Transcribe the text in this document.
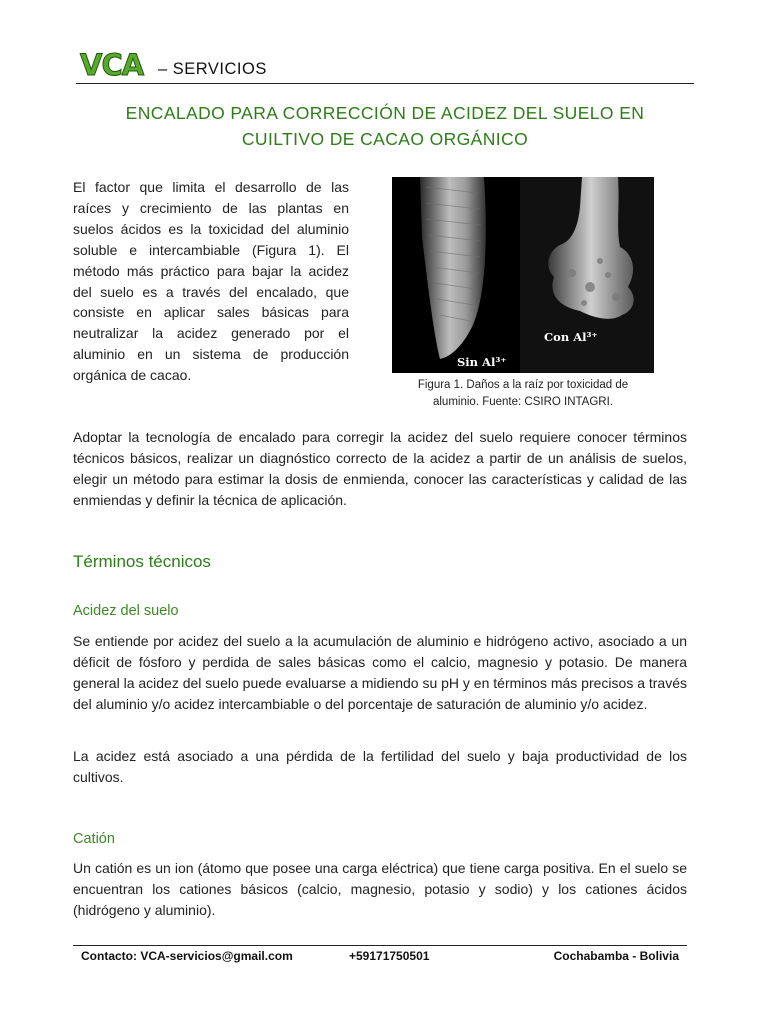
VCA – SERVICIOS
ENCALADO PARA CORRECCIÓN DE ACIDEZ DEL SUELO EN
CUILTIVO DE CACAO ORGÁNICO

El factor que limita el desarrollo de las raíces y crecimiento de las plantas en suelos ácidos es la toxicidad del aluminio soluble e intercambiable (Figura 1). El método más práctico para bajar la acidez del suelo es a través del encalado, que consiste en aplicar sales básicas para neutralizar la acidez generado por el aluminio en un sistema de producción orgánica de cacao.

Sin Al³⁺
Con Al³⁺
Figura 1. Daños a la raíz por toxicidad de
aluminio. Fuente: CSIRO INTAGRI.

Adoptar la tecnología de encalado para corregir la acidez del suelo requiere conocer términos técnicos básicos, realizar un diagnóstico correcto de la acidez a partir de un análisis de suelos, elegir un método para estimar la dosis de enmienda, conocer las características y calidad de las enmiendas y definir la técnica de aplicación.

Términos técnicos
Acidez del suelo

Se entiende por acidez del suelo a la acumulación de aluminio e hidrógeno activo, asociado a un déficit de fósforo y perdida de sales básicas como el calcio, magnesio y potasio. De manera general la acidez del suelo puede evaluarse a midiendo su pH y en términos más precisos a través del aluminio y/o acidez intercambiable o del porcentaje de saturación de aluminio y/o acidez.

La acidez está asociado a una pérdida de la fertilidad del suelo y baja productividad de los cultivos.

Catión

Un catión es un ion (átomo que posee una carga eléctrica) que tiene carga positiva. En el suelo se encuentran los cationes básicos (calcio, magnesio, potasio y sodio) y los cationes ácidos (hidrógeno y aluminio).

Contacto: VCA-servicios@gmail.com	+59171750501	Cochabamba - Bolivia
